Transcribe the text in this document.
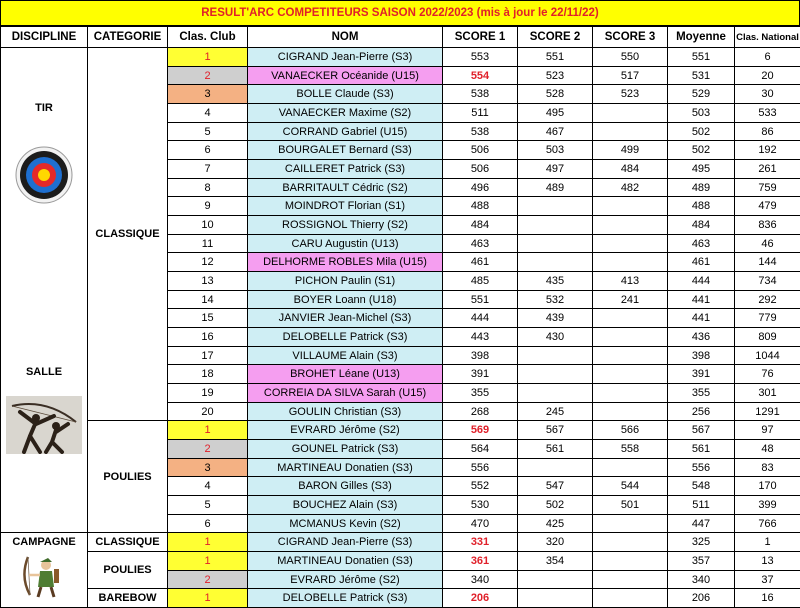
RESULT'ARC COMPETITEURS SAISON 2022/2023 (mis à jour le 22/11/22)
DISCIPLINE	CATEGORIE	Clas. Club	NOM	SCORE 1	SCORE 2	SCORE 3	Moyenne	Clas. National

TIR
SALLE	CLASSIQUE	1	CIGRAND Jean-Pierre (S3)	553	551	550	551	6
		2	VANAECKER Océanide (U15)	554	523	517	531	20
		3	BOLLE Claude (S3)	538	528	523	529	30
		4	VANAECKER Maxime (S2)	511	495		503	533
		5	CORRAND Gabriel (U15)	538	467		502	86
		6	BOURGALET Bernard (S3)	506	503	499	502	192
		7	CAILLERET Patrick (S3)	506	497	484	495	261
		8	BARRITAULT Cédric (S2)	496	489	482	489	759
		9	MOINDROT Florian (S1)	488			488	479
		10	ROSSIGNOL Thierry (S2)	484			484	836
		11	CARU Augustin (U13)	463			463	46
		12	DELHORME ROBLES Mila (U15)	461			461	144
		13	PICHON Paulin (S1)	485	435	413	444	734
		14	BOYER Loann (U18)	551	532	241	441	292
		15	JANVIER Jean-Michel (S3)	444	439		441	779
		16	DELOBELLE Patrick (S3)	443	430		436	809
		17	VILLAUME Alain (S3)	398			398	1044
		18	BROHET Léane (U13)	391			391	76
		19	CORREIA DA SILVA Sarah (U15)	355			355	301
		20	GOULIN Christian (S3)	268	245		256	1291
	POULIES	1	EVRARD Jérôme (S2)	569	567	566	567	97
		2	GOUNEL Patrick (S3)	564	561	558	561	48
		3	MARTINEAU Donatien (S3)	556			556	83
		4	BARON Gilles (S3)	552	547	544	548	170
		5	BOUCHEZ Alain (S3)	530	502	501	511	399
		6	MCMANUS Kevin (S2)	470	425		447	766

CAMPAGNE	CLASSIQUE	1	CIGRAND Jean-Pierre (S3)	331	320		325	1
	POULIES	1	MARTINEAU Donatien (S3)	361	354		357	13
		2	EVRARD Jérôme (S2)	340			340	37
	BAREBOW	1	DELOBELLE Patrick (S3)	206			206	16
